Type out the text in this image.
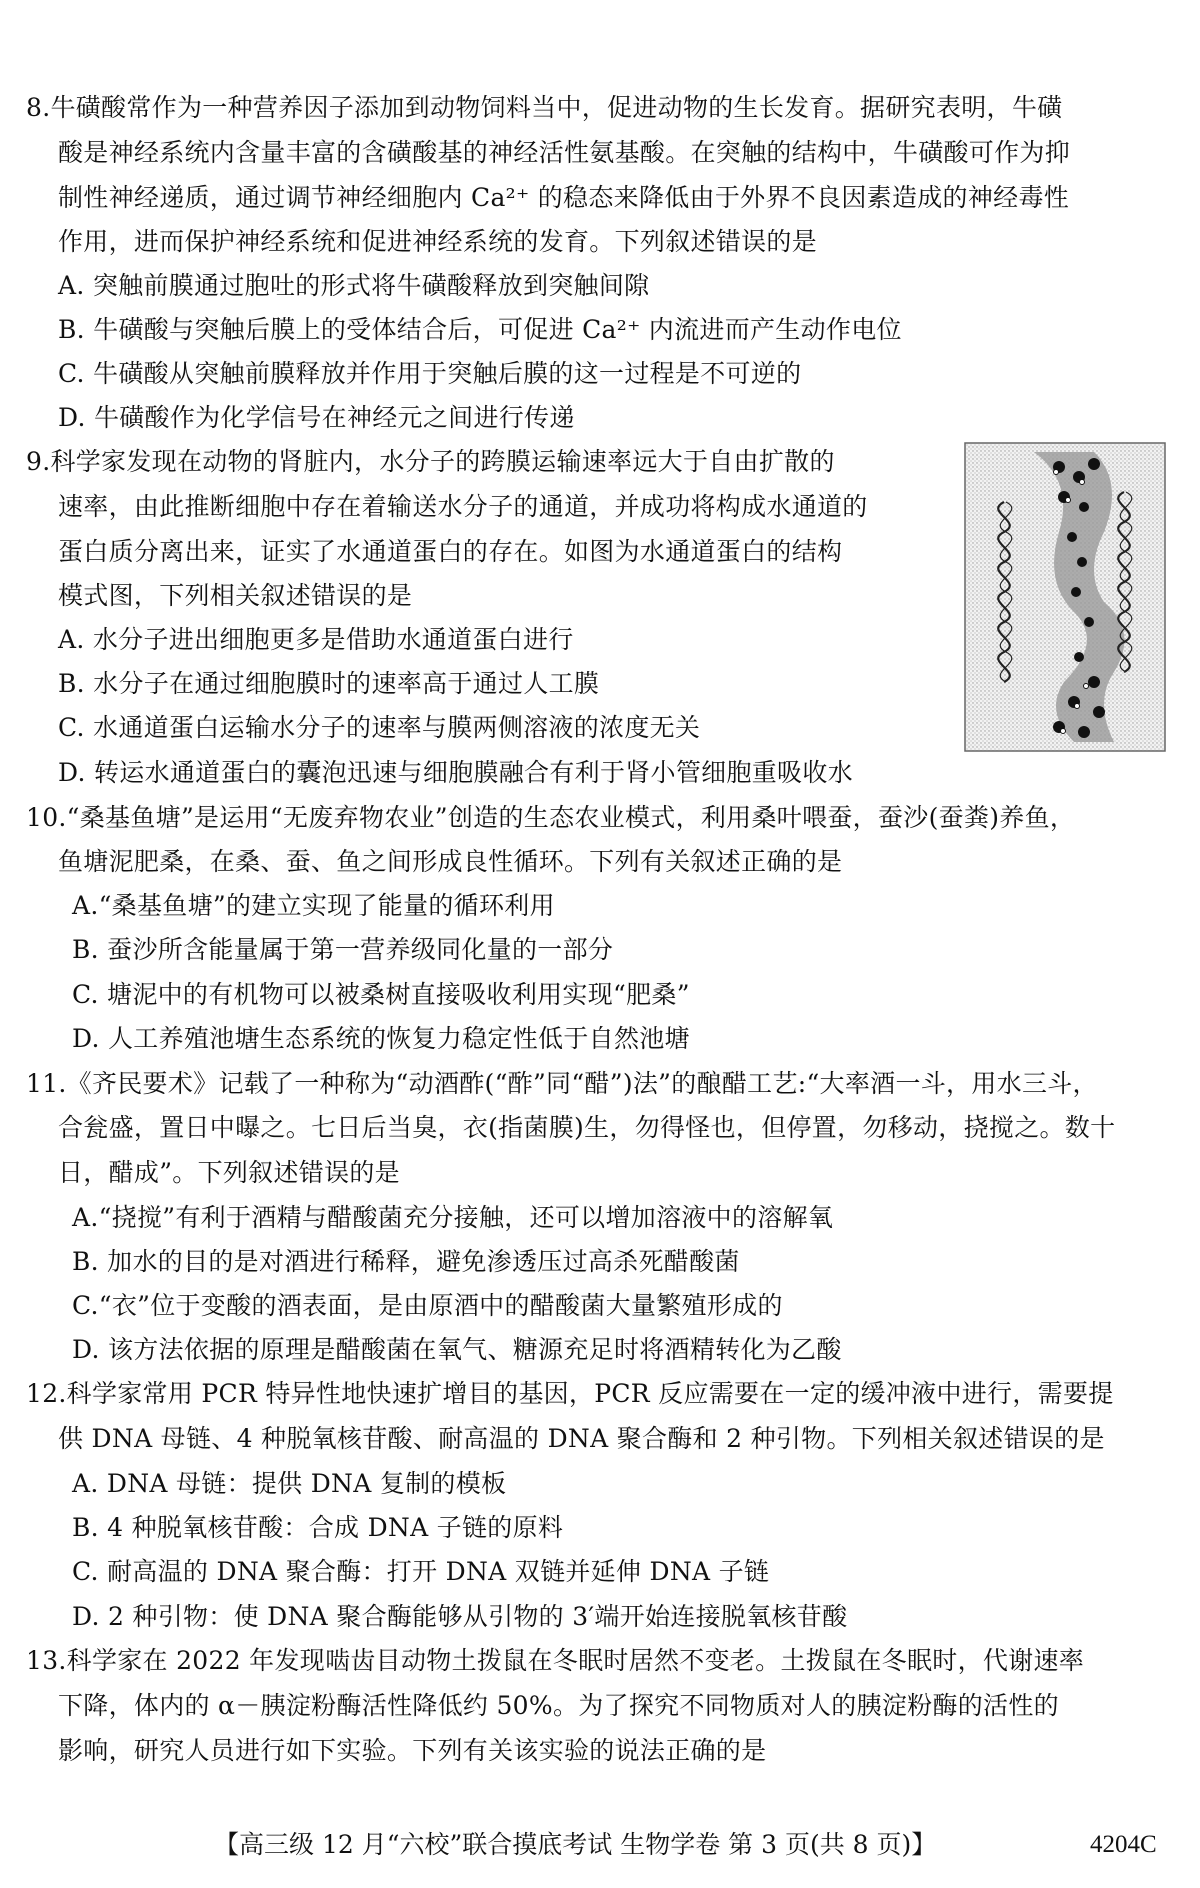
8.牛磺酸常作为一种营养因子添加到动物饲料当中，促进动物的生长发育。据研究表明，牛磺
酸是神经系统内含量丰富的含磺酸基的神经活性氨基酸。在突触的结构中，牛磺酸可作为抑
制性神经递质，通过调节神经细胞内 Ca²⁺ 的稳态来降低由于外界不良因素造成的神经毒性
作用，进而保护神经系统和促进神经系统的发育。下列叙述错误的是
A. 突触前膜通过胞吐的形式将牛磺酸释放到突触间隙
B. 牛磺酸与突触后膜上的受体结合后，可促进 Ca²⁺ 内流进而产生动作电位
C. 牛磺酸从突触前膜释放并作用于突触后膜的这一过程是不可逆的
D. 牛磺酸作为化学信号在神经元之间进行传递
9.科学家发现在动物的肾脏内，水分子的跨膜运输速率远大于自由扩散的
速率，由此推断细胞中存在着输送水分子的通道，并成功将构成水通道的
蛋白质分离出来，证实了水通道蛋白的存在。如图为水通道蛋白的结构
模式图，下列相关叙述错误的是
A. 水分子进出细胞更多是借助水通道蛋白进行
B. 水分子在通过细胞膜时的速率高于通过人工膜
C. 水通道蛋白运输水分子的速率与膜两侧溶液的浓度无关
D. 转运水通道蛋白的囊泡迅速与细胞膜融合有利于肾小管细胞重吸收水
10.“桑基鱼塘”是运用“无废弃物农业”创造的生态农业模式，利用桑叶喂蚕，蚕沙(蚕粪)养鱼，
鱼塘泥肥桑，在桑、蚕、鱼之间形成良性循环。下列有关叙述正确的是
A.“桑基鱼塘”的建立实现了能量的循环利用
B. 蚕沙所含能量属于第一营养级同化量的一部分
C. 塘泥中的有机物可以被桑树直接吸收利用实现“肥桑”
D. 人工养殖池塘生态系统的恢复力稳定性低于自然池塘
11.《齐民要术》记载了一种称为“动酒酢(“酢”同“醋”)法”的酿醋工艺:“大率酒一斗，用水三斗，
合瓮盛，置日中曝之。七日后当臭，衣(指菌膜)生，勿得怪也，但停置，勿移动，挠搅之。数十
日，醋成”。下列叙述错误的是
A.“挠搅”有利于酒精与醋酸菌充分接触，还可以增加溶液中的溶解氧
B. 加水的目的是对酒进行稀释，避免渗透压过高杀死醋酸菌
C.“衣”位于变酸的酒表面，是由原酒中的醋酸菌大量繁殖形成的
D. 该方法依据的原理是醋酸菌在氧气、糖源充足时将酒精转化为乙酸
12.科学家常用 PCR 特异性地快速扩增目的基因，PCR 反应需要在一定的缓冲液中进行，需要提
供 DNA 母链、4 种脱氧核苷酸、耐高温的 DNA 聚合酶和 2 种引物。下列相关叙述错误的是
A. DNA 母链：提供 DNA 复制的模板
B. 4 种脱氧核苷酸：合成 DNA 子链的原料
C. 耐高温的 DNA 聚合酶：打开 DNA 双链并延伸 DNA 子链
D. 2 种引物：使 DNA 聚合酶能够从引物的 3′端开始连接脱氧核苷酸
13.科学家在 2022 年发现啮齿目动物土拨鼠在冬眠时居然不变老。土拨鼠在冬眠时，代谢速率
下降，体内的 α－胰淀粉酶活性降低约 50%。为了探究不同物质对人的胰淀粉酶的活性的
影响，研究人员进行如下实验。下列有关该实验的说法正确的是
【高三级 12 月“六校”联合摸底考试 生物学卷 第 3 页(共 8 页)】	4204C
